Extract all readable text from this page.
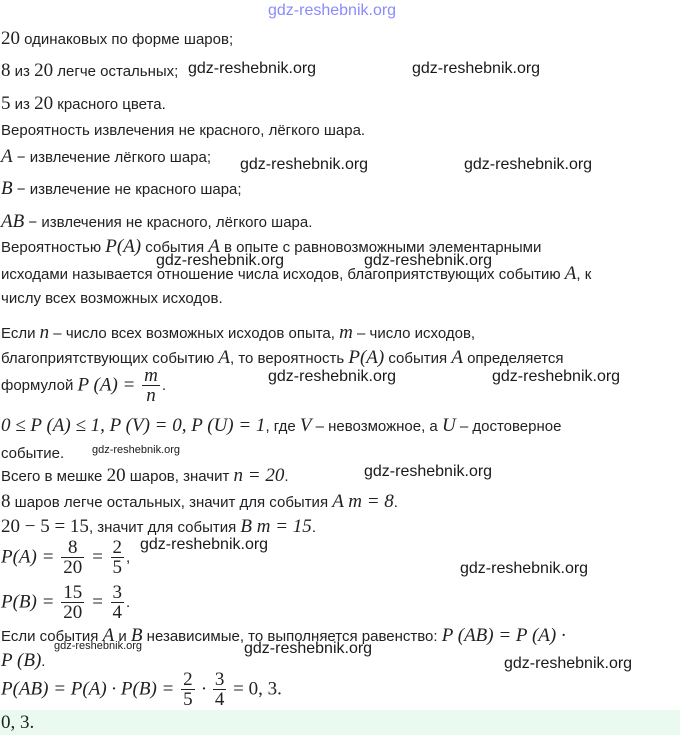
gdz-reshebnik.org
gdz-reshebnik.org	gdz-reshebnik.org
gdz-reshebnik.org	gdz-reshebnik.org
gdz-reshebnik.org	gdz-reshebnik.org
gdz-reshebnik.org	gdz-reshebnik.org
gdz-reshebnik.org
gdz-reshebnik.org
gdz-reshebnik.org
gdz-reshebnik.org
gdz-reshebnik.org	gdz-reshebnik.org
gdz-reshebnik.org
20 одинаковых по форме шаров;
8 из 20 легче остальных;
5 из 20 красного цвета.
Вероятность извлечения не красного, лёгкого шара.
A − извлечение лёгкого шара;
B − извлечение не красного шара;
AB − извлечения не красного, лёгкого шара.
Вероятностью P(A) события A в опыте с равновозможными элементарными
исходами называется отношение числа исходов, благоприятствующих событию A, к
числу всех возможных исходов.
Если n – число всех возможных исходов опыта, m – число исходов,
благоприятствующих событию A, то вероятность P(A) события A определяется
формулой P $(A) = \frac{m}{n}$ .
0 ≤ P (A) ≤ 1, P (V) = 0, P (U) = 1, где V – невозможное, а U – достоверное
событие.
Всего в мешке 20 шаров, значит n = 20.
8 шаров легче остальных, значит для события A m = 8.
20 − 5 = 15, значит для события B m = 15.
$P(A) = \frac{8}{20} = \frac{2}{5}$ ,
$P(B) = \frac{15}{20} = \frac{3}{4}$ .
Если события A и B независимые, то выполняется равенство: P (AB) = P (A) ·
P (B).
$P(AB) = P(A) \cdot P(B) = \frac{2}{5} \cdot \frac{3}{4} = 0$, 3.
0, 3.
